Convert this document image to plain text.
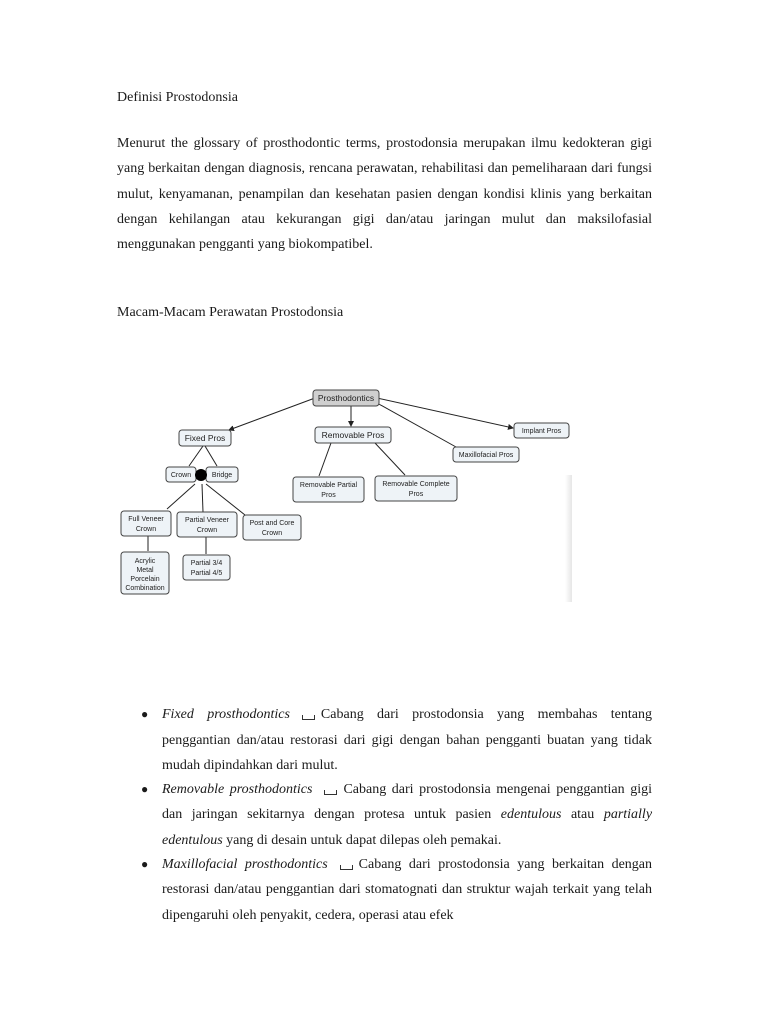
Definisi Prostodonsia
Menurut the glossary of prosthodontic terms, prostodonsia merupakan ilmu kedokteran gigi yang berkaitan dengan diagnosis, rencana perawatan, rehabilitasi dan pemeliharaan dari fungsi mulut, kenyamanan, penampilan dan kesehatan pasien dengan kondisi klinis yang berkaitan dengan kehilangan atau kekurangan gigi dan/atau jaringan mulut dan maksilofasial menggunakan pengganti yang biokompatibel.
Macam-Macam Perawatan Prostodonsia
Prosthodontics
Fixed Pros	Removable Pros	Implant Pros
Maxillofacial Pros
Crown	Bridge
Removable Partial
Pros
Removable Complete
Pros
Full Veneer
Crown
Partial Veneer
Crown
Post and Core
Crown
Acrylic
Metal
Porcelain
Combination
Partial 3/4
Partial 4/5
● Fixed prosthodontics Cabang dari prostodonsia yang membahas tentang penggantian dan/atau restorasi dari gigi dengan bahan pengganti buatan yang tidak mudah dipindahkan dari mulut.
● Removable prosthodontics Cabang dari prostodonsia mengenai penggantian gigi dan jaringan sekitarnya dengan protesa untuk pasien edentulous atau partially edentulous yang di desain untuk dapat dilepas oleh pemakai.
● Maxillofacial prosthodontics Cabang dari prostodonsia yang berkaitan dengan restorasi dan/atau penggantian dari stomatognati dan struktur wajah terkait yang telah dipengaruhi oleh penyakit, cedera, operasi atau efek
